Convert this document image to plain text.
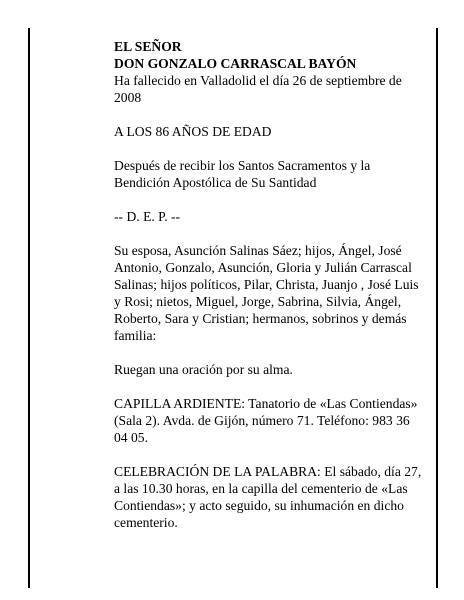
EL SEÑOR
DON GONZALO CARRASCAL BAYÓN
Ha fallecido en Valladolid el día 26 de septiembre de 2008

A LOS 86 AÑOS DE EDAD

Después de recibir los Santos Sacramentos y la Bendición Apostólica de Su Santidad

-- D. E. P. --

Su esposa, Asunción Salinas Sáez; hijos, Ángel, José Antonio, Gonzalo, Asunción, Gloria y Julián Carrascal Salinas; hijos políticos, Pilar, Christa, Juanjo , José Luis y Rosi; nietos, Miguel, Jorge, Sabrina, Silvia, Ángel, Roberto, Sara y Cristian; hermanos, sobrinos y demás familia:

Ruegan una oración por su alma.

CAPILLA ARDIENTE: Tanatorio de «Las Contiendas» (Sala 2). Avda. de Gijón, número 71. Teléfono: 983 36 04 05.

CELEBRACIÓN DE LA PALABRA: El sábado, día 27, a las 10.30 horas, en la capilla del cementerio de «Las Contiendas»; y acto seguido, su inhumación en dicho cementerio.
